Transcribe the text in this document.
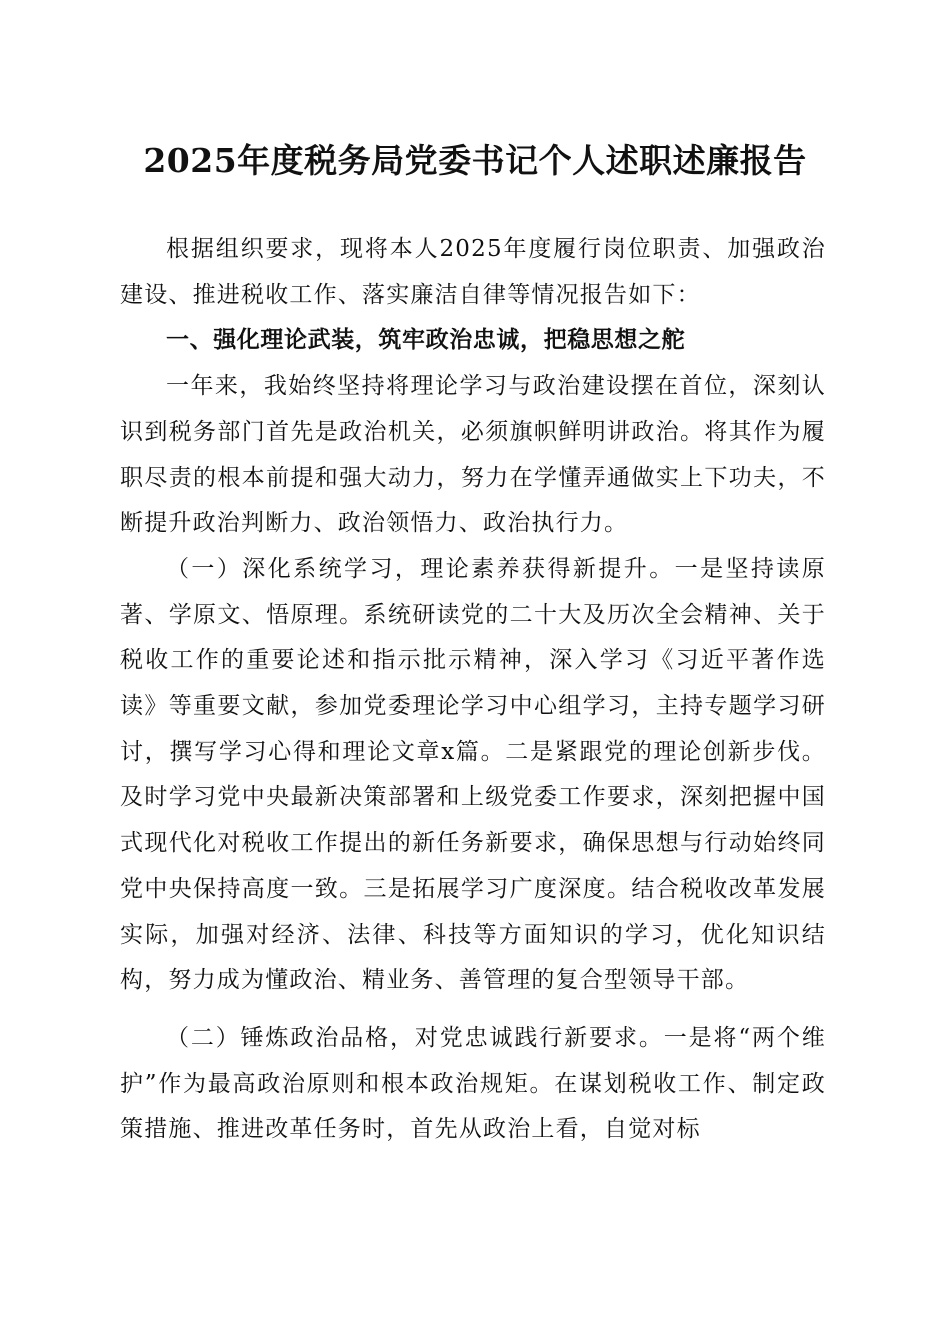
2025年度税务局党委书记个人述职述廉报告

根据组织要求，现将本人2025年度履行岗位职责、加强政治建设、推进税收工作、落实廉洁自律等情况报告如下：

一、强化理论武装，筑牢政治忠诚，把稳思想之舵

一年来，我始终坚持将理论学习与政治建设摆在首位，深刻认识到税务部门首先是政治机关，必须旗帜鲜明讲政治。将其作为履职尽责的根本前提和强大动力，努力在学懂弄通做实上下功夫，不断提升政治判断力、政治领悟力、政治执行力。

（一）深化系统学习，理论素养获得新提升。一是坚持读原著、学原文、悟原理。系统研读党的二十大及历次全会精神、关于税收工作的重要论述和指示批示精神，深入学习《习近平著作选读》等重要文献，参加党委理论学习中心组学习，主持专题学习研讨，撰写学习心得和理论文章x篇。二是紧跟党的理论创新步伐。及时学习党中央最新决策部署和上级党委工作要求，深刻把握中国式现代化对税收工作提出的新任务新要求，确保思想与行动始终同党中央保持高度一致。三是拓展学习广度深度。结合税收改革发展实际，加强对经济、法律、科技等方面知识的学习，优化知识结构，努力成为懂政治、精业务、善管理的复合型领导干部。

（二）锤炼政治品格，对党忠诚践行新要求。一是将“两个维护”作为最高政治原则和根本政治规矩。在谋划税收工作、制定政策措施、推进改革任务时，首先从政治上看，自觉对标
